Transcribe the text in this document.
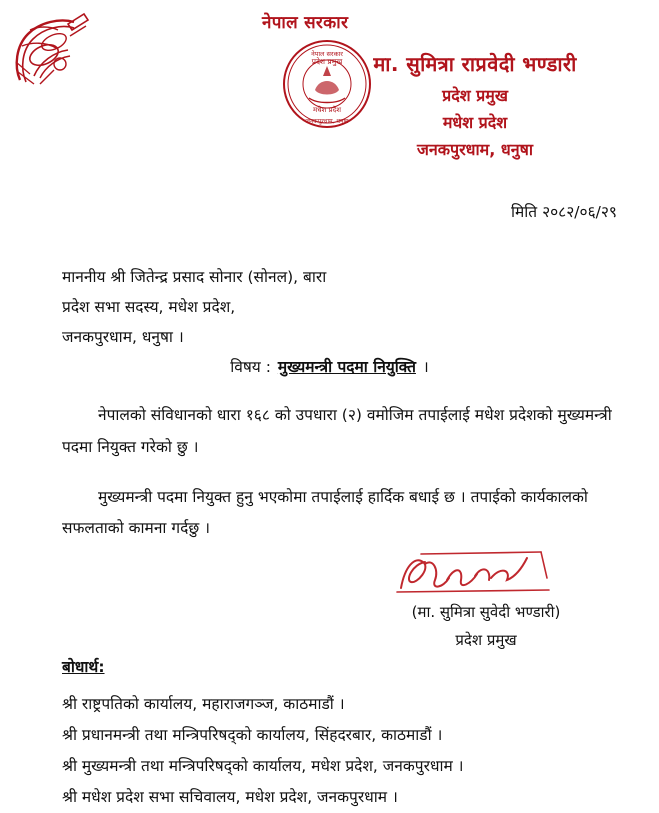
नेपाल सरकार
नेपाल सरकार
प्रदेश प्रमुख
मधेश प्रदेश
जनकपुरधाम, धनुषा
मा. सुमित्रा राप्रवेदी भण्डारी
प्रदेश प्रमुख
मधेश प्रदेश
जनकपुरधाम, धनुषा
मिति २०८२/०६/२९
माननीय श्री जितेन्द्र प्रसाद सोनार (सोनल), बारा
प्रदेश सभा सदस्य, मधेश प्रदेश,
जनकपुरधाम, धनुषा ।
विषय : मुख्यमन्त्री पदमा नियुक्ति ।

नेपालको संविधानको धारा १६८ को उपधारा (२) वमोजिम तपाईलाई मधेश प्रदेशको मुख्यमन्त्री पदमा नियुक्त गरेको छु ।

मुख्यमन्त्री पदमा नियुक्त हुनु भएकोमा तपाईलाई हार्दिक बधाई छ । तपाईको कार्यकालको सफलताको कामना गर्दछु ।

(मा. सुमित्रा सुवेदी भण्डारी)
प्रदेश प्रमुख
बोधार्थ:
श्री राष्ट्रपतिको कार्यालय, महाराजगञ्ज, काठमाडौं ।
श्री प्रधानमन्त्री तथा मन्त्रिपरिषद्को कार्यालय, सिंहदरबार, काठमाडौं ।
श्री मुख्यमन्त्री तथा मन्त्रिपरिषद्को कार्यालय, मधेश प्रदेश, जनकपुरधाम ।
श्री मधेश प्रदेश सभा सचिवालय, मधेश प्रदेश, जनकपुरधाम ।
